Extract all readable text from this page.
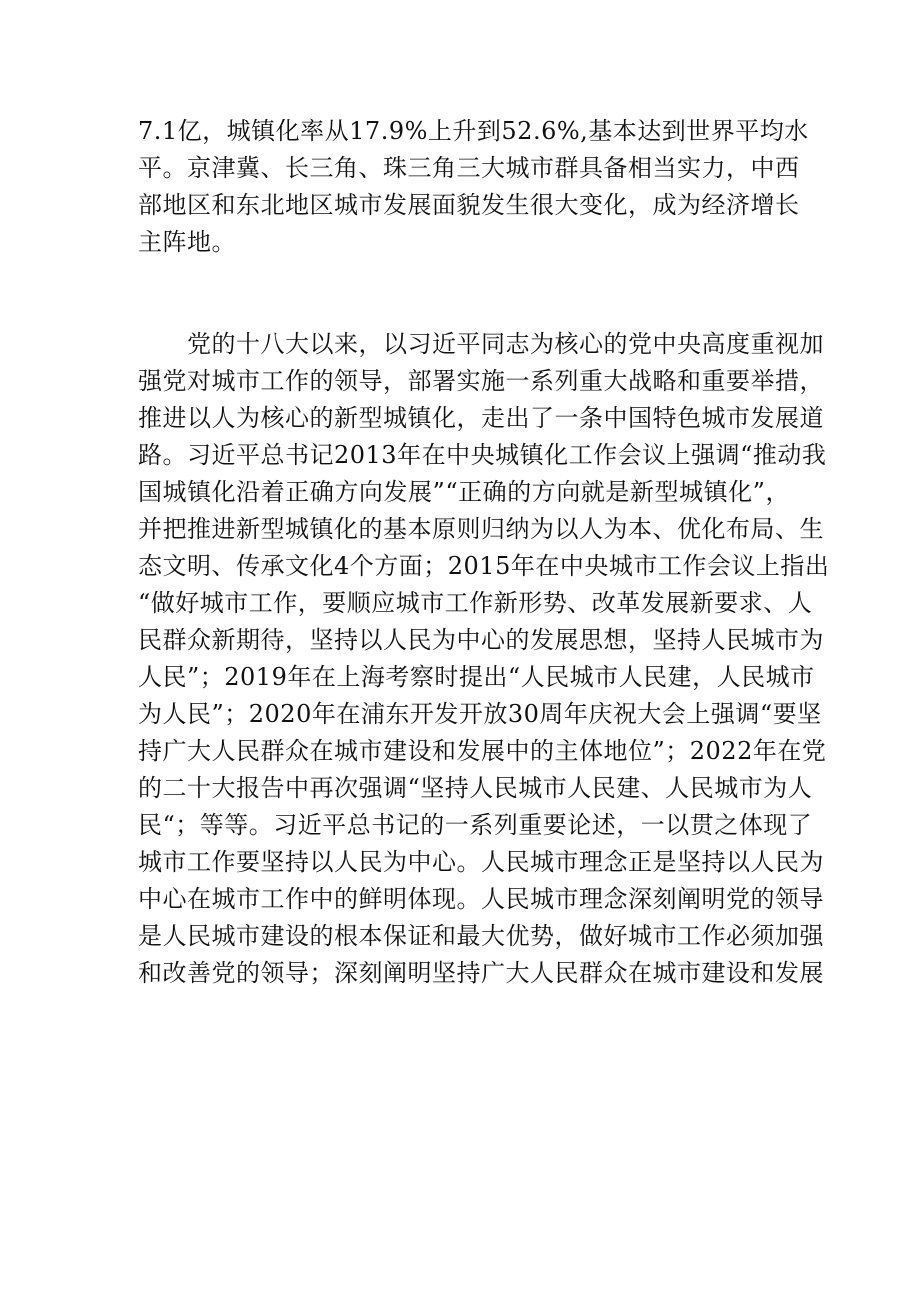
7.1亿，城镇化率从17.9%上升到52.6%,基本达到世界平均水
平。京津冀、长三角、珠三角三大城市群具备相当实力，中西
部地区和东北地区城市发展面貌发生很大变化，成为经济增长
主阵地。
　　党的十八大以来，以习近平同志为核心的党中央高度重视加
强党对城市工作的领导，部署实施一系列重大战略和重要举措，
推进以人为核心的新型城镇化，走出了一条中国特色城市发展道
路。习近平总书记2013年在中央城镇化工作会议上强调“推动我
国城镇化沿着正确方向发展”“正确的方向就是新型城镇化”，
并把推进新型城镇化的基本原则归纳为以人为本、优化布局、生
态文明、传承文化4个方面；2015年在中央城市工作会议上指出
“做好城市工作，要顺应城市工作新形势、改革发展新要求、人
民群众新期待，坚持以人民为中心的发展思想，坚持人民城市为
人民”；2019年在上海考察时提出“人民城市人民建，人民城市
为人民”；2020年在浦东开发开放30周年庆祝大会上强调“要坚
持广大人民群众在城市建设和发展中的主体地位”；2022年在党
的二十大报告中再次强调“坚持人民城市人民建、人民城市为人
民“；等等。习近平总书记的一系列重要论述，一以贯之体现了
城市工作要坚持以人民为中心。人民城市理念正是坚持以人民为
中心在城市工作中的鲜明体现。人民城市理念深刻阐明党的领导
是人民城市建设的根本保证和最大优势，做好城市工作必须加强
和改善党的领导；深刻阐明坚持广大人民群众在城市建设和发展
